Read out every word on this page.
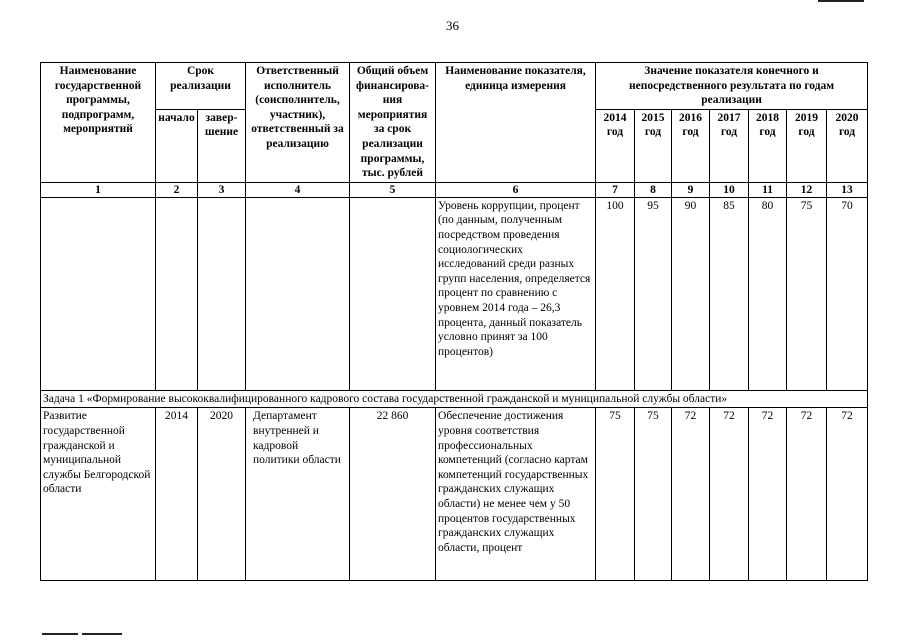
36
Наименование государственной программы, подпрограмм, мероприятий	Срок реализации		Ответственный исполнитель (соисполнитель, участник), ответственный за реализацию	Общий объем финансирова-ния мероприятия за срок реализации программы, тыс. рублей	Наименование показателя, единица измерения	Значение показателя конечного и непосредственного результата по годам реализации						
	начало	завер-шение				2014 год	2015 год	2016 год	2017 год	2018 год	2019 год	2020 год
1	2	3	4	5	6	7	8	9	10	11	12	13
					Уровень коррупции, процент (по данным, полученным посредством проведения социологических исследований среди разных групп населения, определяется процент по сравнению с уровнем 2014 года – 26,3 процента, данный показатель условно принят за 100 процентов)	100	95	90	85	80	75	70
Задача 1 «Формирование высококвалифицированного кадрового состава государственной гражданской и муниципальной службы области»												
Развитие государственной гражданской и муниципальной службы Белгородской области	2014	2020	Департамент внутренней и кадровой политики области	22 860	Обеспечение достижения уровня соответствия профессиональных компетенций (согласно картам компетенций государственных гражданских служащих области) не менее чем у 50 процентов государственных гражданских служащих области, процент	75	75	72	72	72	72	72
